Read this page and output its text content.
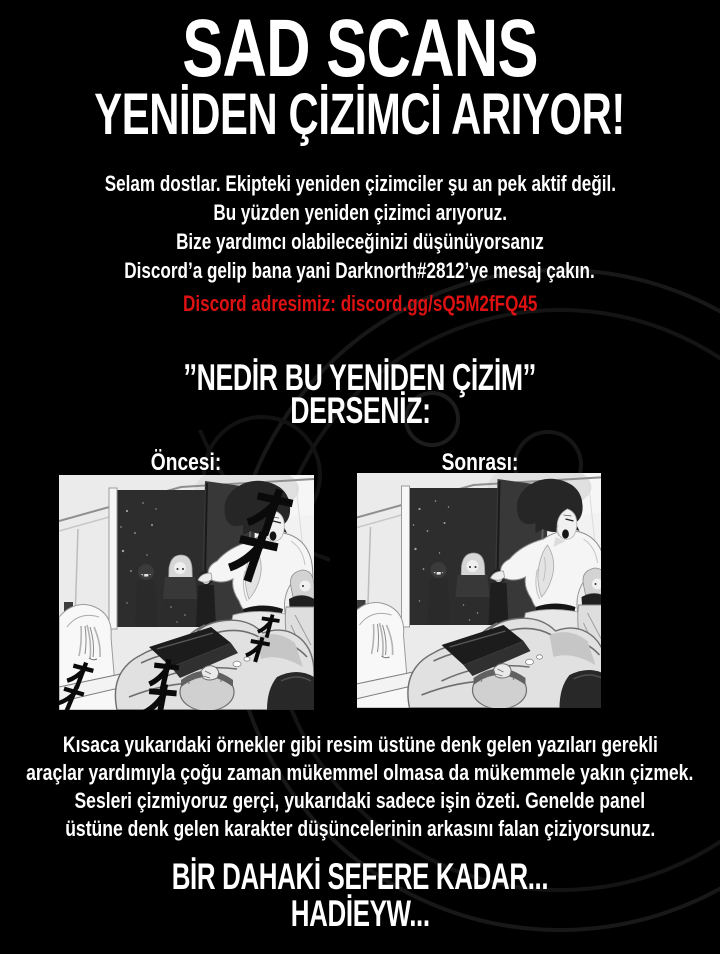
SAD SCANS
YENİDEN ÇİZİMCİ ARIYOR!
Selam dostlar. Ekipteki yeniden çizimciler şu an pek aktif değil.
Bu yüzden yeniden çizimci arıyoruz.
Bize yardımcı olabileceğinizi düşünüyorsanız
Discord’a gelip bana yani Darknorth#2812’ye mesaj çakın.
Discord adresimiz: discord.gg/sQ5M2fFQ45
’’NEDİR BU YENİDEN ÇİZİM’’
DERSENİZ:
Öncesi:	Sonrası:
Kısaca yukarıdaki örnekler gibi resim üstüne denk gelen yazıları gerekli
araçlar yardımıyla çoğu zaman mükemmel olmasa da mükemmele yakın çizmek.
Sesleri çizmiyoruz gerçi, yukarıdaki sadece işin özeti. Genelde panel
üstüne denk gelen karakter düşüncelerinin arkasını falan çiziyorsunuz.
BİR DAHAKİ SEFERE KADAR...
HADİEYW...
